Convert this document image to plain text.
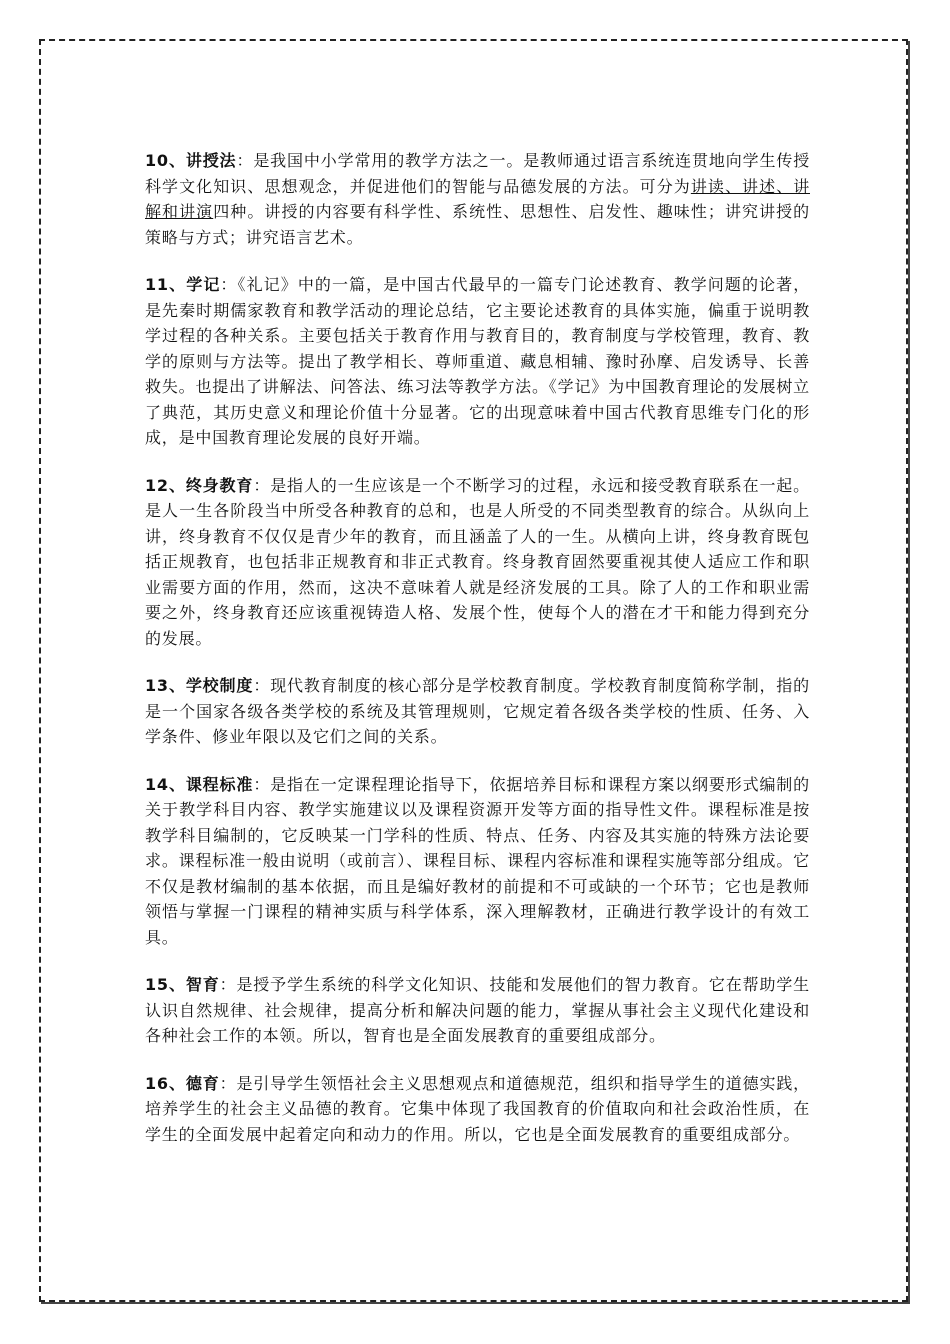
10、讲授法：是我国中小学常用的教学方法之一。是教师通过语言系统连贯地向学生传授科学文化知识、思想观念，并促进他们的智能与品德发展的方法。可分为讲读、讲述、讲解和讲演四种。讲授的内容要有科学性、系统性、思想性、启发性、趣味性；讲究讲授的策略与方式；讲究语言艺术。

11、学记：《礼记》中的一篇，是中国古代最早的一篇专门论述教育、教学问题的论著，是先秦时期儒家教育和教学活动的理论总结，它主要论述教育的具体实施，偏重于说明教学过程的各种关系。主要包括关于教育作用与教育目的，教育制度与学校管理，教育、教学的原则与方法等。提出了教学相长、尊师重道、藏息相辅、豫时孙摩、启发诱导、长善救失。也提出了讲解法、问答法、练习法等教学方法。《学记》为中国教育理论的发展树立了典范，其历史意义和理论价值十分显著。它的出现意味着中国古代教育思维专门化的形成，是中国教育理论发展的良好开端。

12、终身教育：是指人的一生应该是一个不断学习的过程，永远和接受教育联系在一起。是人一生各阶段当中所受各种教育的总和，也是人所受的不同类型教育的综合。从纵向上讲，终身教育不仅仅是青少年的教育，而且涵盖了人的一生。从横向上讲，终身教育既包括正规教育，也包括非正规教育和非正式教育。终身教育固然要重视其使人适应工作和职业需要方面的作用，然而，这决不意味着人就是经济发展的工具。除了人的工作和职业需要之外，终身教育还应该重视铸造人格、发展个性，使每个人的潜在才干和能力得到充分的发展。

13、学校制度：现代教育制度的核心部分是学校教育制度。学校教育制度简称学制，指的是一个国家各级各类学校的系统及其管理规则，它规定着各级各类学校的性质、任务、入学条件、修业年限以及它们之间的关系。

14、课程标准：是指在一定课程理论指导下，依据培养目标和课程方案以纲要形式编制的关于教学科目内容、教学实施建议以及课程资源开发等方面的指导性文件。课程标准是按教学科目编制的，它反映某一门学科的性质、特点、任务、内容及其实施的特殊方法论要求。课程标准一般由说明（或前言）、课程目标、课程内容标准和课程实施等部分组成。它不仅是教材编制的基本依据，而且是编好教材的前提和不可或缺的一个环节；它也是教师领悟与掌握一门课程的精神实质与科学体系，深入理解教材，正确进行教学设计的有效工具。

15、智育：是授予学生系统的科学文化知识、技能和发展他们的智力教育。它在帮助学生认识自然规律、社会规律，提高分析和解决问题的能力，掌握从事社会主义现代化建设和各种社会工作的本领。所以，智育也是全面发展教育的重要组成部分。

16、德育：是引导学生领悟社会主义思想观点和道德规范，组织和指导学生的道德实践，培养学生的社会主义品德的教育。它集中体现了我国教育的价值取向和社会政治性质，在学生的全面发展中起着定向和动力的作用。所以，它也是全面发展教育的重要组成部分。
